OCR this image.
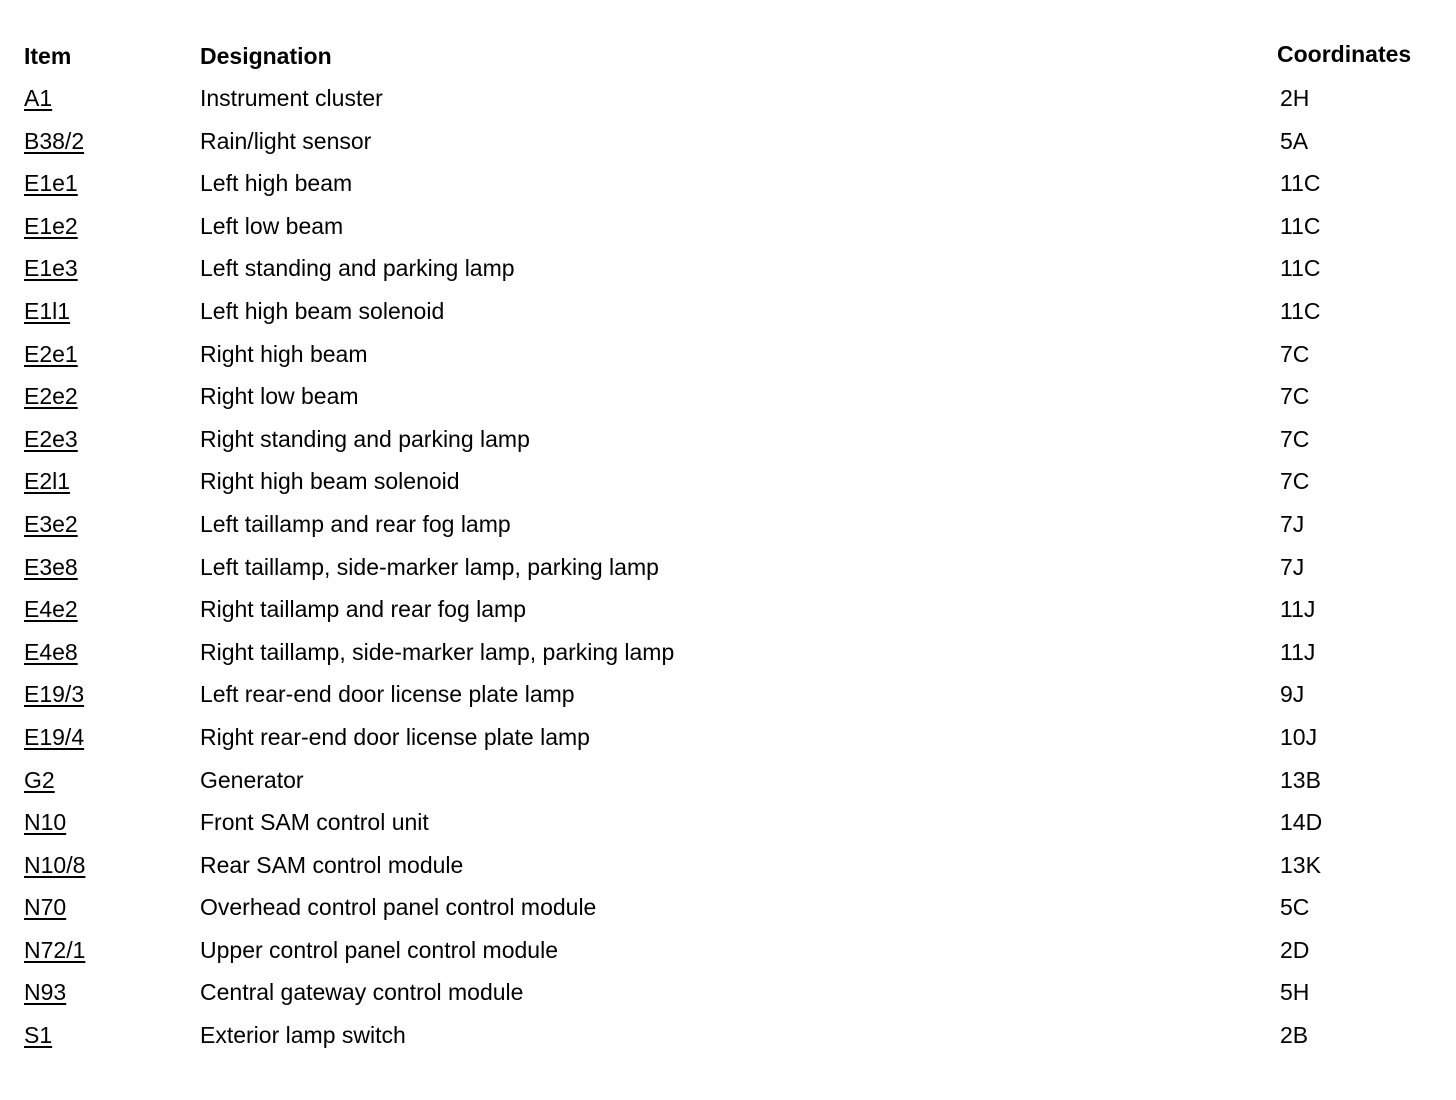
Item	Designation	Coordinates
A1	Instrument cluster	2H
B38/2	Rain/light sensor	5A
E1e1	Left high beam	11C
E1e2	Left low beam	11C
E1e3	Left standing and parking lamp	11C
E1l1	Left high beam solenoid	11C
E2e1	Right high beam	7C
E2e2	Right low beam	7C
E2e3	Right standing and parking lamp	7C
E2l1	Right high beam solenoid	7C
E3e2	Left taillamp and rear fog lamp	7J
E3e8	Left taillamp, side-marker lamp, parking lamp	7J
E4e2	Right taillamp and rear fog lamp	11J
E4e8	Right taillamp, side-marker lamp, parking lamp	11J
E19/3	Left rear-end door license plate lamp	9J
E19/4	Right rear-end door license plate lamp	10J
G2	Generator	13B
N10	Front SAM control unit	14D
N10/8	Rear SAM control module	13K
N70	Overhead control panel control module	5C
N72/1	Upper control panel control module	2D
N93	Central gateway control module	5H
S1	Exterior lamp switch	2B
